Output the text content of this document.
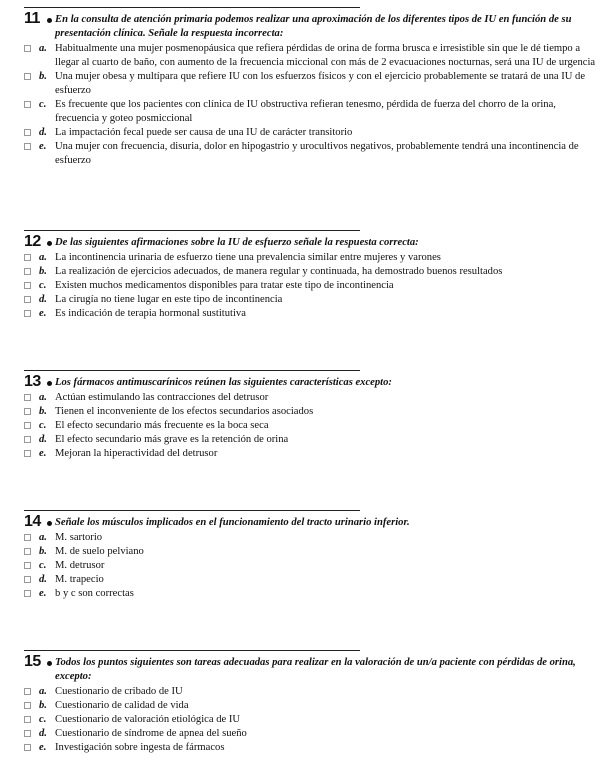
11	En la consulta de atención primaria podemos realizar una aproximación de los diferentes tipos de IU en función de su presentación clínica. Señale la respuesta incorrecta:
a. Habitualmente una mujer posmenopáusica que refiera pérdidas de orina de forma brusca e irresistible sin que le dé tiempo a llegar al cuarto de baño, con aumento de la frecuencia miccional con más de 2 evacuaciones nocturnas, será una IU de urgencia
b. Una mujer obesa y multípara que refiere IU con los esfuerzos físicos y con el ejercicio probablemente se tratará de una IU de esfuerzo
c. Es frecuente que los pacientes con clínica de IU obstructiva refieran tenesmo, pérdida de fuerza del chorro de la orina, frecuencia y goteo posmiccional
d. La impactación fecal puede ser causa de una IU de carácter transitorio
e. Una mujer con frecuencia, disuria, dolor en hipogastrio y urocultivos negativos, probablemente tendrá una incontinencia de esfuerzo
12	De las siguientes afirmaciones sobre la IU de esfuerzo señale la respuesta correcta:
a. La incontinencia urinaria de esfuerzo tiene una prevalencia similar entre mujeres y varones
b. La realización de ejercicios adecuados, de manera regular y continuada, ha demostrado buenos resultados
c. Existen muchos medicamentos disponibles para tratar este tipo de incontinencia
d. La cirugía no tiene lugar en este tipo de incontinencia
e. Es indicación de terapia hormonal sustitutiva
13	Los fármacos antimuscarínicos reúnen las siguientes características excepto:
a. Actúan estimulando las contracciones del detrusor
b. Tienen el inconveniente de los efectos secundarios asociados
c. El efecto secundario más frecuente es la boca seca
d. El efecto secundario más grave es la retención de orina
e. Mejoran la hiperactividad del detrusor
14	Señale los músculos implicados en el funcionamiento del tracto urinario inferior.
a. M. sartorio
b. M. de suelo pelviano
c. M. detrusor
d. M. trapecio
e. b y c son correctas
15	Todos los puntos siguientes son tareas adecuadas para realizar en la valoración de un/a paciente con pérdidas de orina, excepto:
a. Cuestionario de cribado de IU
b. Cuestionario de calidad de vida
c. Cuestionario de valoración etiológica de IU
d. Cuestionario de síndrome de apnea del sueño
e. Investigación sobre ingesta de fármacos
